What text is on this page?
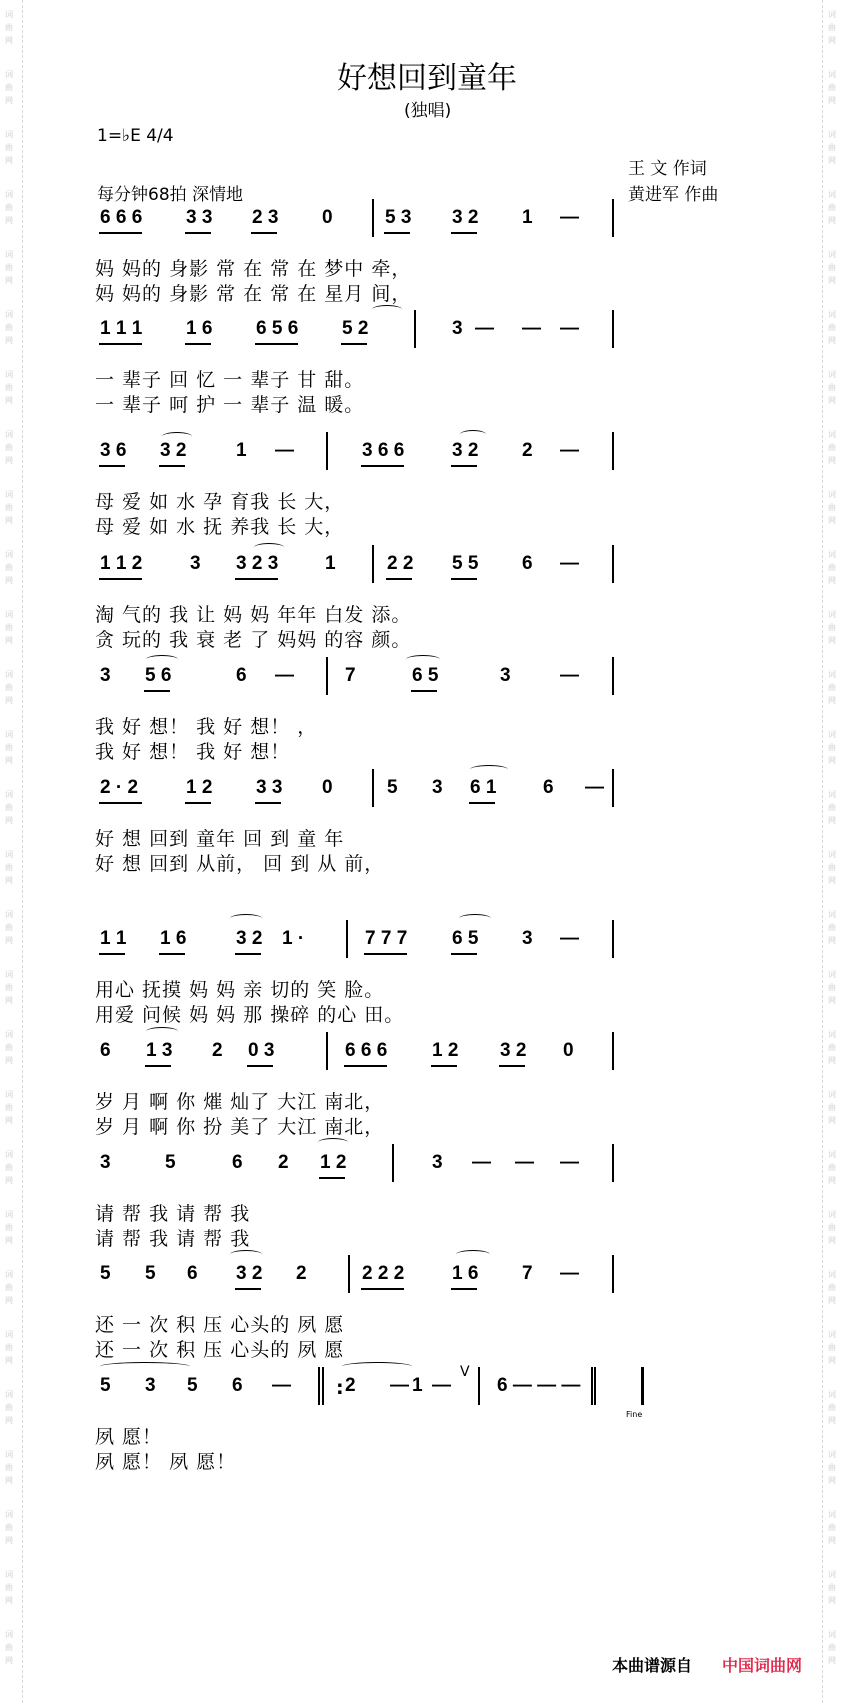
词
曲
网
词
曲
网
词
曲
网
词
曲
网
词
曲
网
词
曲
网
词
曲
网
词
曲
网
词
曲
网
词
曲
网
词
曲
网
词
曲
网
词
曲
网
词
曲
网
词
曲
网
词
曲
网
词
曲
网
词
曲
网
词
曲
网
词
曲
网
词
曲
网
词
曲
网
词
曲
网
词
曲
网
词
曲
网
词
曲
网
词
曲
网
词
曲
网
词
曲
网
词
曲
网
词
曲
网
词
曲
网
词
曲
网
词
曲
网
词
曲
网
词
曲
网
词
曲
网
词
曲
网
词
曲
网
词
曲
网
词
曲
网
词
曲
网
词
曲
网
词
曲
网
词
曲
网
词
曲
网
词
曲
网
词
曲
网
词
曲
网
词
曲
网
词
曲
网
词
曲
网
词
曲
网
词
曲
网
词
曲
网
词
曲
网
好想回到童年
(独唱)
1=♭E 4/4
王 文 作词
每分钟68拍 深情地	黄进军 作曲
6 6 6 3 3 2 3 0	5 3 3 2 1 —
妈 妈的 身影 常 在 常 在 梦中 牵，
妈 妈的 身影 常 在 常 在 星月 间，
1 1 1 1 6 6 5 6 5 2	3 — — —
一 辈子 回 忆 一 辈子 甘 甜。
一 辈子 呵 护 一 辈子 温 暖。
3 6 3 2	1 —	3 6 6	3 2 2 —
母 爱 如 水 孕 育我 长 大，
母 爱 如 水 抚 养我 长 大，
1 1 2	3 3 2 3 1	2 2 5 5 6 —
淘 气的 我 让 妈 妈 年年 白发 添。
贪 玩的 我 衰 老 了 妈妈 的容 颜。
3 5 6	6 —	7	6 5	3	—
我 好 想！ 我 好 想！ ，
我 好 想！ 我 好 想！
2 · 2	1 2 3 3 0	5 3 6 1 6 —
好 想 回到 童年 回 到 童 年
好 想 回到 从前， 回 到 从 前，
1 1 1 6	3 2 1 ·	7 7 7 6 5 3 —
用心 抚摸 妈 妈 亲 切的 笑 脸。
用爱 问候 妈 妈 那 操碎 的心 田。
6 1 3 2 0 3	6 6 6 1 2 3 2 0
岁 月 啊 你 熣 灿了 大江 南北，
岁 月 啊 你 扮 美了 大江 南北，
3	5	6 2 1 2	3 — — —
请 帮 我 请 帮 我
请 帮 我 请 帮 我
5 5 6 3 2 2	2 2 2	1 6 7 —
还 一 次 积 压 心头的 夙 愿
还 一 次 积 压 心头的 夙 愿
5 3 5 6 —	2 — 1 — 6 — — —
夙 愿！
夙 愿！ 夙 愿！
Fine
V
:
本曲谱源自 中国词曲网
